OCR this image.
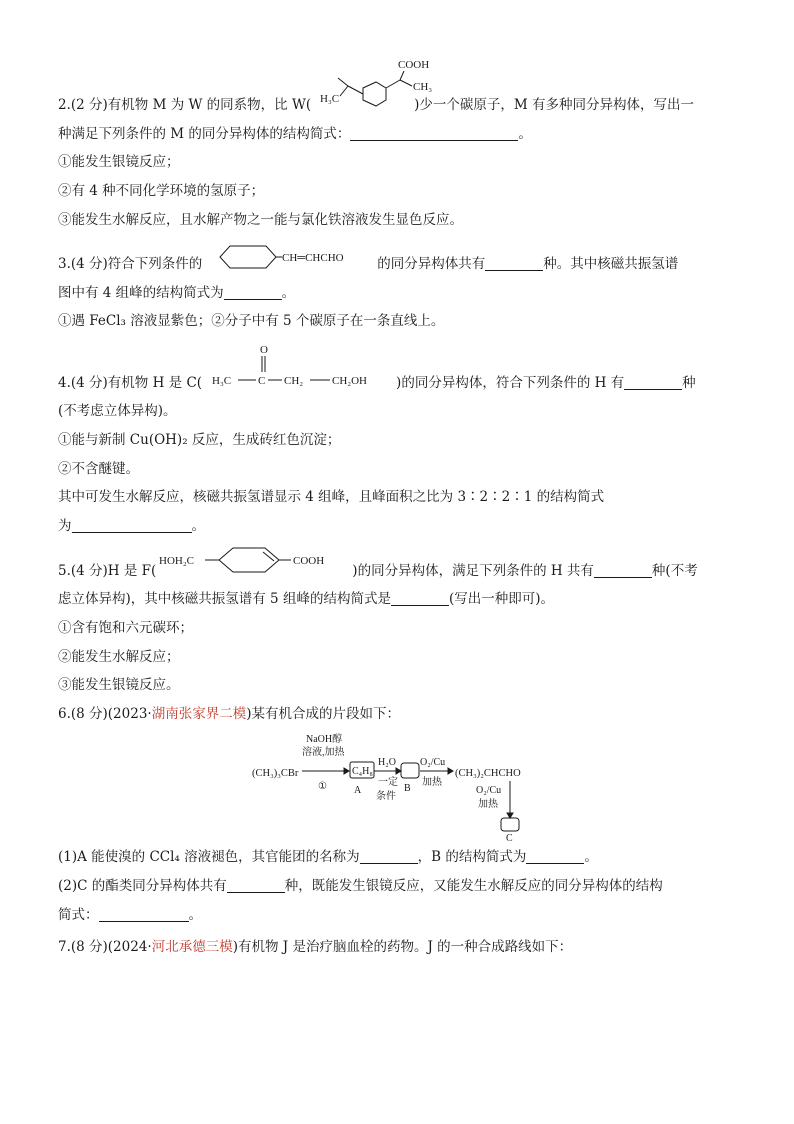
COOH
CH₃
H₃C
2.(2 分)有机物 M 为 W 的同系物，比 W(	)少一个碳原子，M 有多种同分异构体，写出一
种满足下列条件的 M 的同分异构体的结构简式：	。
①能发生银镜反应；
②有 4 种不同化学环境的氢原子；
③能发生水解反应，且水解产物之一能与氯化铁溶液发生显色反应。
CH═CHCHO
3.(4 分)符合下列条件的	的同分异构体共有	种。其中核磁共振氢谱
图中有 4 组峰的结构简式为	。
①遇 FeCl₃ 溶液显紫色；②分子中有 5 个碳原子在一条直线上。
O
H₃C C CH₂	CH₂OH
4.(4 分)有机物 H 是 C(	)的同分异构体，符合下列条件的 H 有	种
(不考虑立体异构)。
①能与新制 Cu(OH)₂ 反应，生成砖红色沉淀；
②不含醚键。
其中可发生水解反应，核磁共振氢谱显示 4 组峰，且峰面积之比为 3∶2∶2∶1 的结构简式
为	。
HOH₂C	COOH
5.(4 分)H 是 F(	)的同分异构体，满足下列条件的 H 共有	种(不考
虑立体异构)，其中核磁共振氢谱有 5 组峰的结构简式是	(写出一种即可)。
①含有饱和六元碳环；
②能发生水解反应；
③能发生银镜反应。
6.(8 分)(2023·湖南张家界二模)某有机合成的片段如下：
NaOH醇
溶液,加热
(CH₃)₃CBr
①
C₄H₈
A
H₂O
一定
条件
B
O₂/Cu
加热
(CH₃)₂CHCHO
O₂/Cu
加热
C
(1)A 能使溴的 CCl₄ 溶液褪色，其官能团的名称为	，B 的结构简式为	。
(2)C 的酯类同分异构体共有	种，既能发生银镜反应，又能发生水解反应的同分异构体的结构
简式：	。
7.(8 分)(2024·河北承德三模)有机物 J 是治疗脑血栓的药物。J 的一种合成路线如下：
